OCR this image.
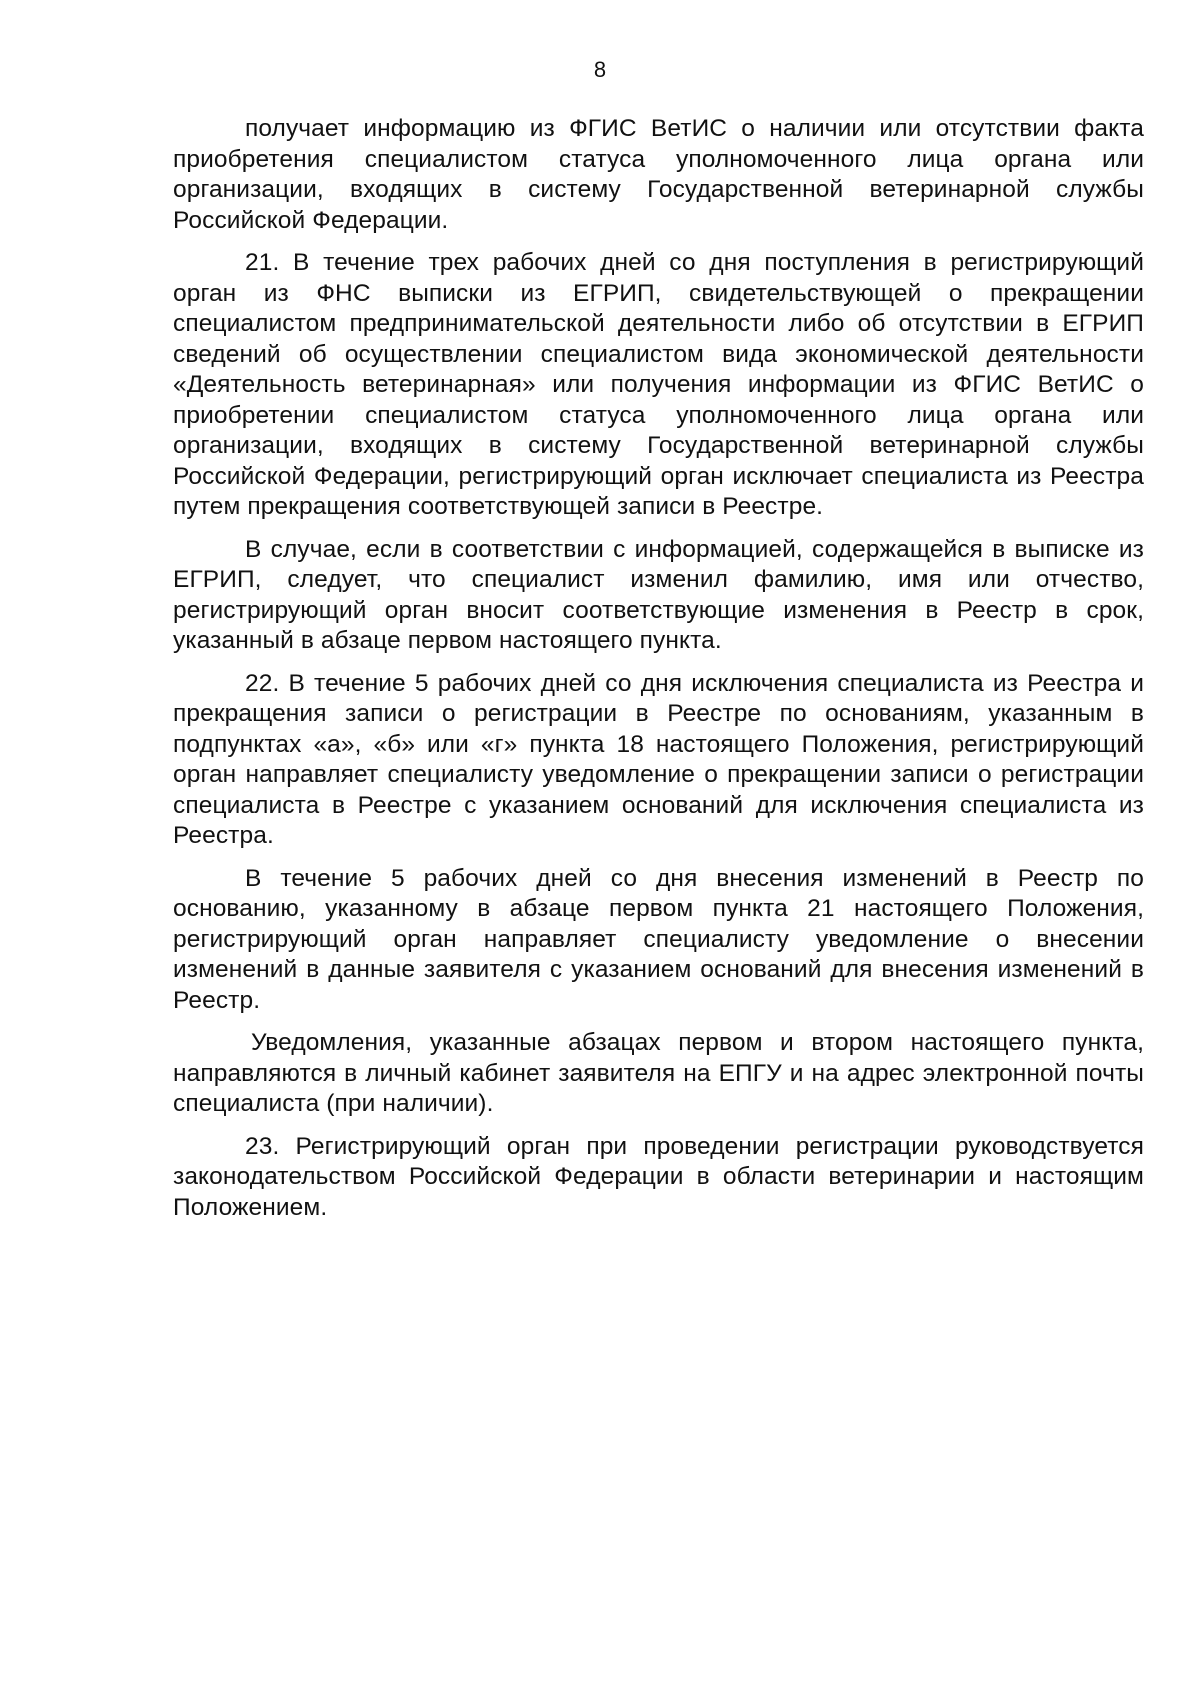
8

получает информацию из ФГИС ВетИС о наличии или отсутствии факта приобретения специалистом статуса уполномоченного лица органа или организации, входящих в систему Государственной ветеринарной службы Российской Федерации.

21. В течение трех рабочих дней со дня поступления в регистрирующий орган из ФНС выписки из ЕГРИП, свидетельствующей о прекращении специалистом предпринимательской деятельности либо об отсутствии в ЕГРИП сведений об осуществлении специалистом вида экономической деятельности «Деятельность ветеринарная» или получения информации из ФГИС ВетИС о приобретении специалистом статуса уполномоченного лица органа или организации, входящих в систему Государственной ветеринарной службы Российской Федерации, регистрирующий орган исключает специалиста из Реестра путем прекращения соответствующей записи в Реестре.

В случае, если в соответствии с информацией, содержащейся в выписке из ЕГРИП, следует, что специалист изменил фамилию, имя или отчество, регистрирующий орган вносит соответствующие изменения в Реестр в срок, указанный в абзаце первом настоящего пункта.

22. В течение 5 рабочих дней со дня исключения специалиста из Реестра и прекращения записи о регистрации в Реестре по основаниям, указанным в подпунктах «а», «б» или «г» пункта 18 настоящего Положения, регистрирующий орган направляет специалисту уведомление о прекращении записи о регистрации специалиста в Реестре с указанием оснований для исключения специалиста из Реестра.

В течение 5 рабочих дней со дня внесения изменений в Реестр по основанию, указанному в абзаце первом пункта 21 настоящего Положения, регистрирующий орган направляет специалисту уведомление о внесении изменений в данные заявителя с указанием оснований для внесения изменений в Реестр.

Уведомления, указанные абзацах первом и втором настоящего пункта, направляются в личный кабинет заявителя на ЕПГУ и на адрес электронной почты специалиста (при наличии).

23. Регистрирующий орган при проведении регистрации руководствуется законодательством Российской Федерации в области ветеринарии и настоящим Положением.
